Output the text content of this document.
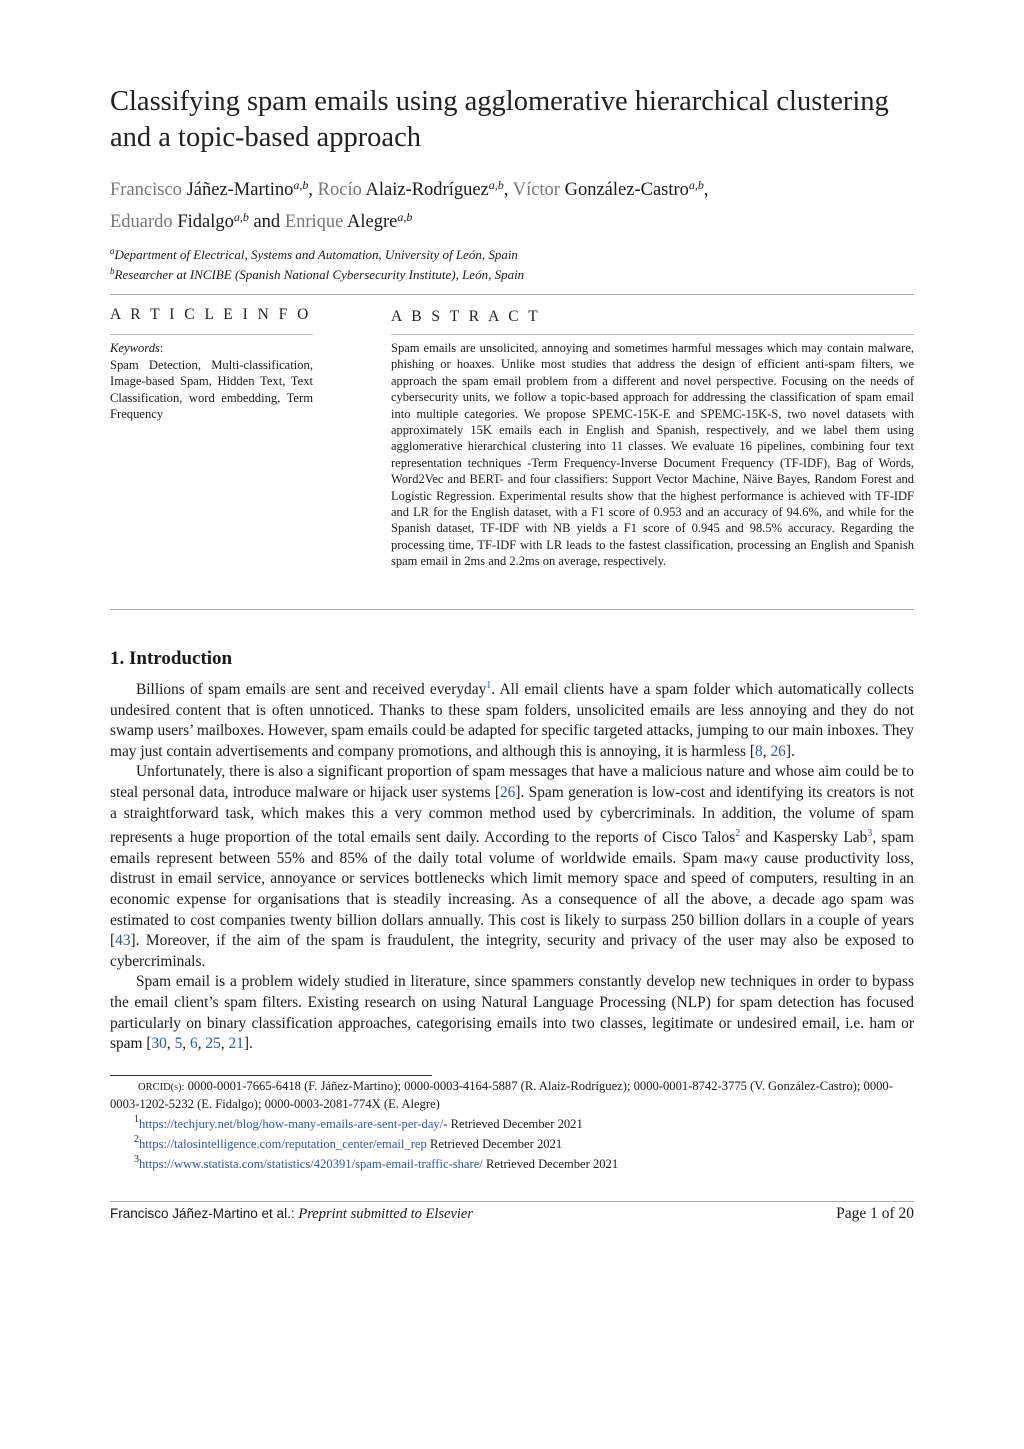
Classifying spam emails using agglomerative hierarchical clustering and a topic-based approach
Francisco Jáñez-Martino$^{a,b}$, Rocío Alaiz-Rodríguez$^{a,b}$, Víctor González-Castro$^{a,b}$,
Eduardo Fidalgo$^{a,b}$ and Enrique Alegre$^{a,b}$
$^a$Department of Electrical, Systems and Automation, University of León, Spain
$^b$Researcher at INCIBE (Spanish National Cybersecurity Institute), León, Spain
A R T I C L E I N F O	A B S T R A C T
Keywords:
Spam Detection, Multi-classification, Image-based Spam, Hidden Text, Text Classification, word embedding, Term Frequency
Spam emails are unsolicited, annoying and sometimes harmful messages which may contain malware, phishing or hoaxes. Unlike most studies that address the design of efficient anti-spam filters, we approach the spam email problem from a different and novel perspective. Focusing on the needs of cybersecurity units, we follow a topic-based approach for addressing the classification of spam email into multiple categories. We propose SPEMC-15K-E and SPEMC-15K-S, two novel datasets with approximately 15K emails each in English and Spanish, respectively, and we label them using agglomerative hierarchical clustering into 11 classes. We evaluate 16 pipelines, combining four text representation techniques -Term Frequency-Inverse Document Frequency (TF-IDF), Bag of Words, Word2Vec and BERT- and four classifiers: Support Vector Machine, Näive Bayes, Random Forest and Logistic Regression. Experimental results show that the highest performance is achieved with TF-IDF and LR for the English dataset, with a F1 score of 0.953 and an accuracy of 94.6%, and while for the Spanish dataset, TF-IDF with NB yields a F1 score of 0.945 and 98.5% accuracy. Regarding the processing time, TF-IDF with LR leads to the fastest classification, processing an English and Spanish spam email in 2ms and 2.2ms on average, respectively.
1. Introduction

Billions of spam emails are sent and received everyday$^1$. All email clients have a spam folder which automatically collects undesired content that is often unnoticed. Thanks to these spam folders, unsolicited emails are less annoying and they do not swamp users’ mailboxes. However, spam emails could be adapted for specific targeted attacks, jumping to our main inboxes. They may just contain advertisements and company promotions, and although this is annoying, it is harmless [8, 26].

Unfortunately, there is also a significant proportion of spam messages that have a malicious nature and whose aim could be to steal personal data, introduce malware or hijack user systems [26]. Spam generation is low-cost and identifying its creators is not a straightforward task, which makes this a very common method used by cybercriminals. In addition, the volume of spam represents a huge proportion of the total emails sent daily. According to the reports of Cisco Talos$^2$ and Kaspersky Lab$^3$, spam emails represent between 55% and 85% of the daily total volume of worldwide emails. Spam ma«y cause productivity loss, distrust in email service, annoyance or services bottlenecks which limit memory space and speed of computers, resulting in an economic expense for organisations that is steadily increasing. As a consequence of all the above, a decade ago spam was estimated to cost companies twenty billion dollars annually. This cost is likely to surpass 250 billion dollars in a couple of years [43]. Moreover, if the aim of the spam is fraudulent, the integrity, security and privacy of the user may also be exposed to cybercriminals.

Spam email is a problem widely studied in literature, since spammers constantly develop new techniques in order to bypass the email client’s spam filters. Existing research on using Natural Language Processing (NLP) for spam detection has focused particularly on binary classification approaches, categorising emails into two classes, legitimate or undesired email, i.e. ham or spam [30, 5, 6, 25, 21].

ORCID(s): 0000-0001-7665-6418 (F. Jáñez-Martino); 0000-0003-4164-5887 (R. Alaiz-Rodríguez); 0000-0001-8742-3775 (V. González-Castro); 0000-0003-1202-5232 (E. Fidalgo); 0000-0003-2081-774X (E. Alegre)
$^1$https://techjury.net/blog/how-many-emails-are-sent-per-day/- Retrieved December 2021
$^2$https://talosintelligence.com/reputation_center/email_rep Retrieved December 2021
$^3$https://www.statista.com/statistics/420391/spam-email-traffic-share/ Retrieved December 2021
Francisco Jáñez-Martino et al.: Preprint submitted to Elsevier	Page 1 of 20
